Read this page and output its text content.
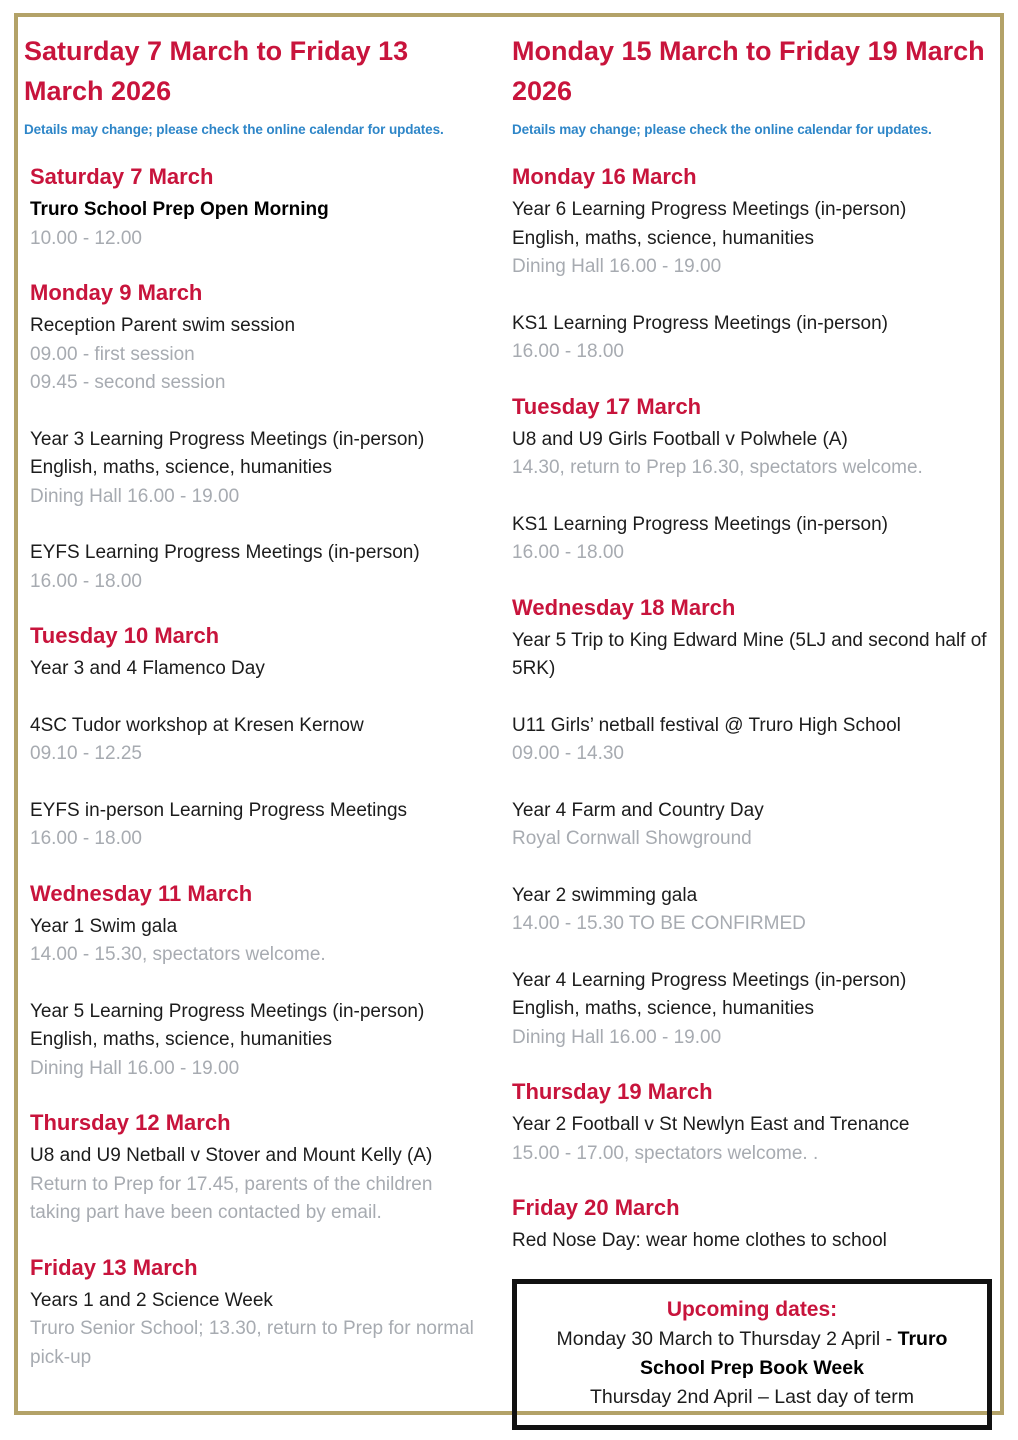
Saturday 7 March to Friday 13 March 2026
Details may change; please check the online calendar for updates.
Saturday 7 March
Truro School Prep Open Morning
10.00 - 12.00
Monday 9 March
Reception Parent swim session
09.00 - first session
09.45 - second session
Year 3 Learning Progress Meetings (in-person)
English, maths, science, humanities
Dining Hall 16.00 - 19.00
EYFS Learning Progress Meetings (in-person)
16.00 - 18.00
Tuesday 10 March
Year 3 and 4 Flamenco Day
4SC Tudor workshop at Kresen Kernow
09.10 - 12.25
EYFS in-person Learning Progress Meetings
16.00 - 18.00
Wednesday 11 March
Year 1 Swim gala
14.00 - 15.30, spectators welcome.
Year 5 Learning Progress Meetings (in-person)
English, maths, science, humanities
Dining Hall 16.00 - 19.00
Thursday 12 March
U8 and U9 Netball v Stover and Mount Kelly (A)
Return to Prep for 17.45, parents of the children taking part have been contacted by email.
Friday 13 March
Years 1 and 2 Science Week
Truro Senior School; 13.30, return to Prep for normal pick-up
Monday 15 March to Friday 19 March 2026
Details may change; please check the online calendar for updates.
Monday 16 March
Year 6 Learning Progress Meetings (in-person)
English, maths, science, humanities
Dining Hall 16.00 - 19.00
KS1 Learning Progress Meetings (in-person)
16.00 - 18.00
Tuesday 17 March
U8 and U9 Girls Football v Polwhele (A)
14.30, return to Prep 16.30, spectators welcome.
KS1 Learning Progress Meetings (in-person)
16.00 - 18.00
Wednesday 18 March
Year 5 Trip to King Edward Mine (5LJ and second half of 5RK)
U11 Girls’ netball festival @ Truro High School
09.00 - 14.30
Year 4 Farm and Country Day
Royal Cornwall Showground
Year 2 swimming gala
14.00 - 15.30 TO BE CONFIRMED
Year 4 Learning Progress Meetings (in-person)
English, maths, science, humanities
Dining Hall 16.00 - 19.00
Thursday 19 March
Year 2 Football v St Newlyn East and Trenance
15.00 - 17.00, spectators welcome. .
Friday 20 March
Red Nose Day: wear home clothes to school
Upcoming dates:
Monday 30 March to Thursday 2 April - Truro School Prep Book Week
Thursday 2nd April – Last day of term
